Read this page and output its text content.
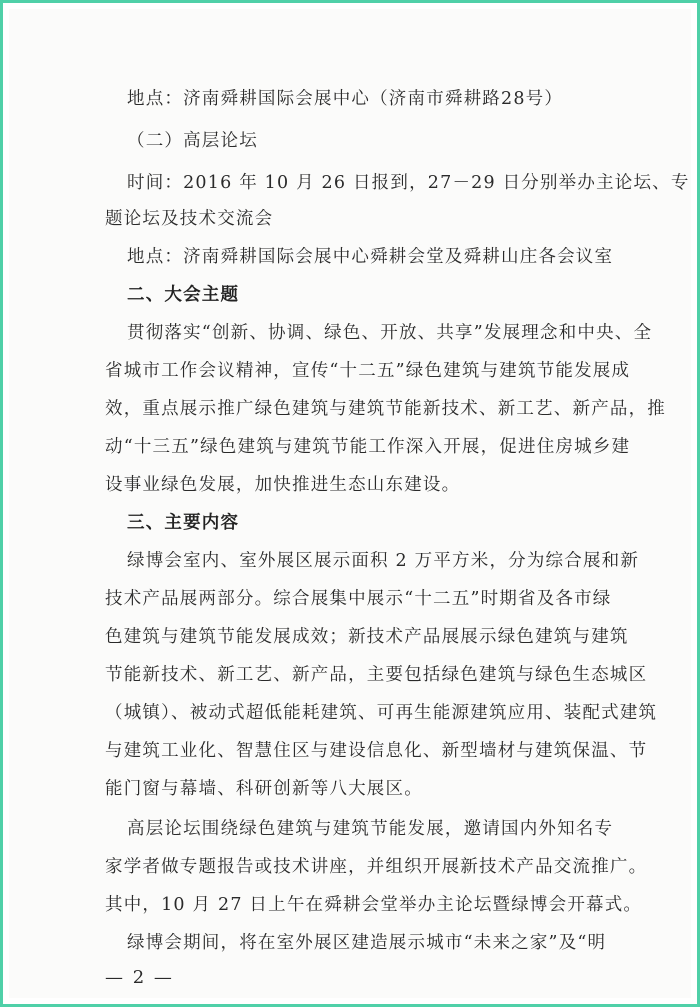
地点：济南舜耕国际会展中心（济南市舜耕路28号）
（二）高层论坛
时间：2016 年 10 月 26 日报到，27－29 日分别举办主论坛、专
题论坛及技术交流会
地点：济南舜耕国际会展中心舜耕会堂及舜耕山庄各会议室
二、大会主题
贯彻落实“创新、协调、绿色、开放、共享”发展理念和中央、全
省城市工作会议精神，宣传“十二五”绿色建筑与建筑节能发展成
效，重点展示推广绿色建筑与建筑节能新技术、新工艺、新产品，推
动“十三五”绿色建筑与建筑节能工作深入开展，促进住房城乡建
设事业绿色发展，加快推进生态山东建设。
三、主要内容
绿博会室内、室外展区展示面积 2 万平方米，分为综合展和新
技术产品展两部分。综合展集中展示“十二五”时期省及各市绿
色建筑与建筑节能发展成效；新技术产品展展示绿色建筑与建筑
节能新技术、新工艺、新产品，主要包括绿色建筑与绿色生态城区
（城镇）、被动式超低能耗建筑、可再生能源建筑应用、装配式建筑
与建筑工业化、智慧住区与建设信息化、新型墙材与建筑保温、节
能门窗与幕墙、科研创新等八大展区。
高层论坛围绕绿色建筑与建筑节能发展，邀请国内外知名专
家学者做专题报告或技术讲座，并组织开展新技术产品交流推广。
其中，10 月 27 日上午在舜耕会堂举办主论坛暨绿博会开幕式。
绿博会期间，将在室外展区建造展示城市“未来之家”及“明
— 2 —
